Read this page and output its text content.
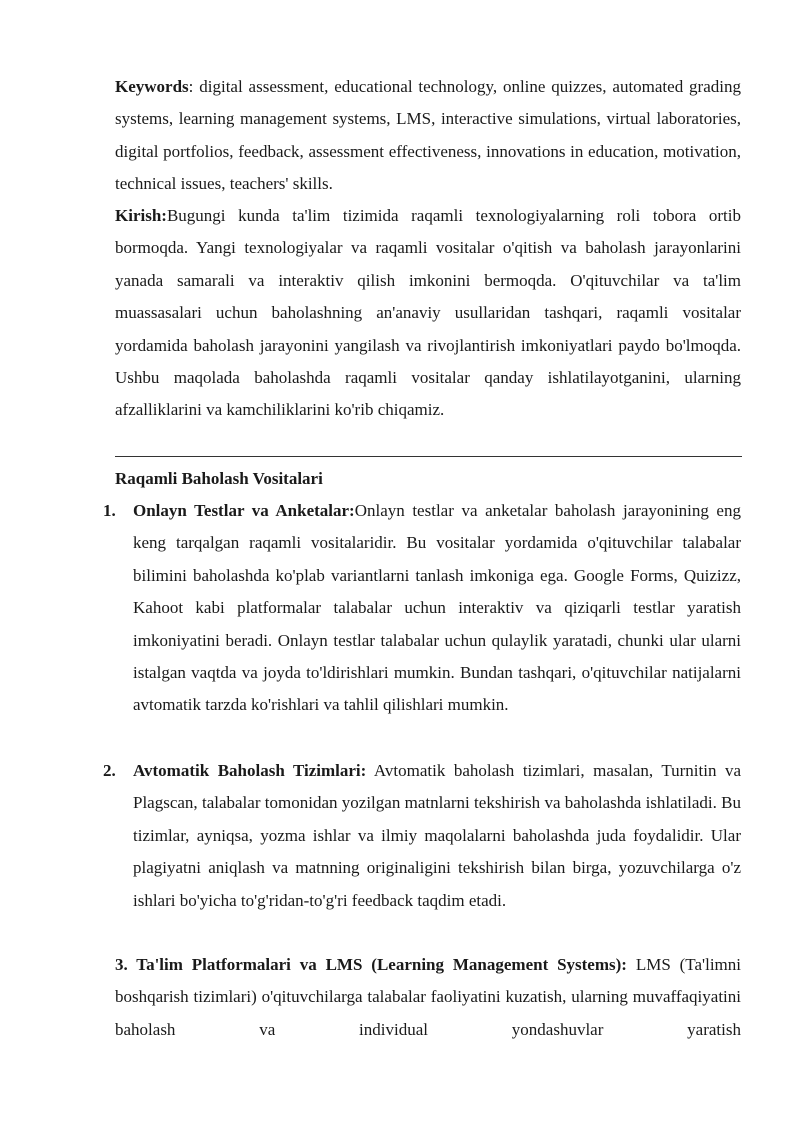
Keywords: digital assessment, educational technology, online quizzes, automated grading systems, learning management systems, LMS, interactive simulations, virtual laboratories, digital portfolios, feedback, assessment effectiveness, innovations in education, motivation, technical issues, teachers' skills.

Kirish:Bugungi kunda ta'lim tizimida raqamli texnologiyalarning roli tobora ortib bormoqda. Yangi texnologiyalar va raqamli vositalar o'qitish va baholash jarayonlarini yanada samarali va interaktiv qilish imkonini bermoqda. O'qituvchilar va ta'lim muassasalari uchun baholashning an'anaviy usullaridan tashqari, raqamli vositalar yordamida baholash jarayonini yangilash va rivojlantirish imkoniyatlari paydo bo'lmoqda. Ushbu maqolada baholashda raqamli vositalar qanday ishlatilayotganini, ularning afzalliklarini va kamchiliklarini ko'rib chiqamiz.

Raqamli Baholash Vositalari

1. Onlayn Testlar va Anketalar:Onlayn testlar va anketalar baholash jarayonining eng keng tarqalgan raqamli vositalaridir. Bu vositalar yordamida o'qituvchilar talabalar bilimini baholashda ko'plab variantlarni tanlash imkoniga ega. Google Forms, Quizizz, Kahoot kabi platformalar talabalar uchun interaktiv va qiziqarli testlar yaratish imkoniyatini beradi. Onlayn testlar talabalar uchun qulaylik yaratadi, chunki ular ularni istalgan vaqtda va joyda to'ldirishlari mumkin. Bundan tashqari, o'qituvchilar natijalarni avtomatik tarzda ko'rishlari va tahlil qilishlari mumkin.

2. Avtomatik Baholash Tizimlari: Avtomatik baholash tizimlari, masalan, Turnitin va Plagscan, talabalar tomonidan yozilgan matnlarni tekshirish va baholashda ishlatiladi. Bu tizimlar, ayniqsa, yozma ishlar va ilmiy maqolalarni baholashda juda foydalidir. Ular plagiyatni aniqlash va matnning originaligini tekshirish bilan birga, yozuvchilarga o'z ishlari bo'yicha to'g'ridan-to'g'ri feedback taqdim etadi.

3. Ta'lim Platformalari va LMS (Learning Management Systems): LMS (Ta'limni boshqarish tizimlari) o'qituvchilarga talabalar faoliyatini kuzatish, ularning muvaffaqiyatini baholash va individual yondashuvlar yaratish
